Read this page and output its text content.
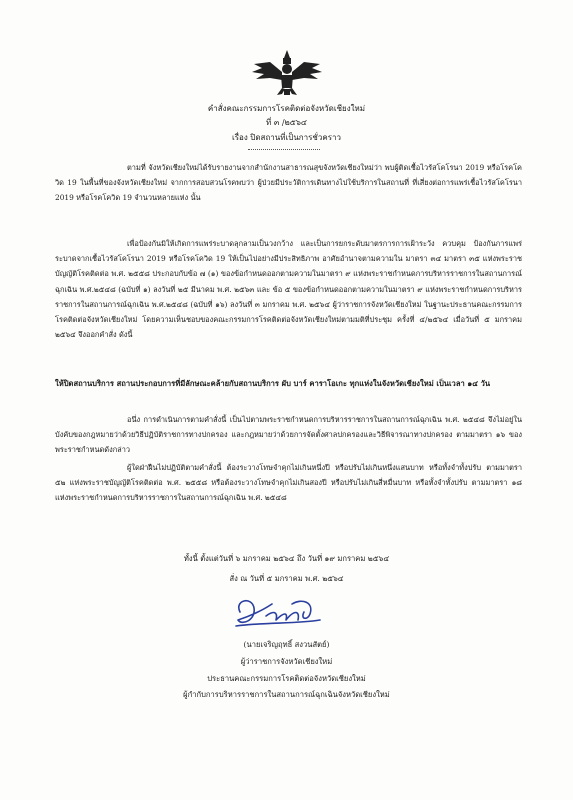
คำสั่งคณะกรรมการโรคติดต่อจังหวัดเชียงใหม่
ที่ ๓ /๒๕๖๔
เรื่อง ปิดสถานที่เป็นการชั่วคราว

ตามที่ จังหวัดเชียงใหม่ได้รับรายงานจากสำนักงานสาธารณสุขจังหวัดเชียงใหม่ว่า พบผู้ติดเชื้อไวรัสโคโรนา 2019 หรือโรคโควิด 19 ในพื้นที่ของจังหวัดเชียงใหม่ จากการสอบสวนโรคพบว่า ผู้ป่วยมีประวัติการเดินทางไปใช้บริการในสถานที่ ที่เสี่ยงต่อการแพร่เชื้อไวรัสโคโรนา 2019 หรือโรคโควิด 19 จำนวนหลายแห่ง นั้น

เพื่อป้องกันมิให้เกิดการแพร่ระบาดลุกลามเป็นวงกว้าง และเป็นการยกระดับมาตรการการเฝ้าระวัง ควบคุม ป้องกันการแพร่ระบาดจากเชื้อไวรัสโคโรนา 2019 หรือโรคโควิด 19 ให้เป็นไปอย่างมีประสิทธิภาพ อาศัยอำนาจตามความใน มาตรา ๓๔ มาตรา ๓๕ แห่งพระราชบัญญัติโรคติดต่อ พ.ศ. ๒๕๕๘ ประกอบกับข้อ ๗ (๑) ของข้อกำหนดออกตามความในมาตรา ๙ แห่งพระราชกำหนดการบริหารราชการในสถานการณ์ฉุกเฉิน พ.ศ.๒๕๔๘ (ฉบับที่ ๑) ลงวันที่ ๒๕ มีนาคม พ.ศ. ๒๕๖๓ และ ข้อ ๕ ของข้อกำหนดออกตามความในมาตรา ๙ แห่งพระราชกำหนดการบริหารราชการในสถานการณ์ฉุกเฉิน พ.ศ.๒๕๔๘ (ฉบับที่ ๑๖) ลงวันที่ ๓ มกราคม พ.ศ. ๒๕๖๔ ผู้ว่าราชการจังหวัดเชียงใหม่ ในฐานะประธานคณะกรรมการโรคติดต่อจังหวัดเชียงใหม่ โดยความเห็นชอบของคณะกรรมการโรคติดต่อจังหวัดเชียงใหม่ตามมติที่ประชุม ครั้งที่ ๔/๒๕๖๔ เมื่อวันที่ ๕ มกราคม ๒๕๖๔ จึงออกคำสั่ง ดังนี้

ให้ปิดสถานบริการ สถานประกอบการที่มีลักษณะคล้ายกับสถานบริการ ผับ บาร์ คาราโอเกะ ทุกแห่งในจังหวัดเชียงใหม่ เป็นเวลา ๑๔ วัน

อนึ่ง การดำเนินการตามคำสั่งนี้ เป็นไปตามพระราชกำหนดการบริหารราชการในสถานการณ์ฉุกเฉิน พ.ศ. ๒๕๔๘ จึงไม่อยู่ในบังคับของกฎหมายว่าด้วยวิธีปฏิบัติราชการทางปกครอง และกฎหมายว่าด้วยการจัดตั้งศาลปกครองและวิธีพิจารณาทางปกครอง ตามมาตรา ๑๖ ของพระราชกำหนดดังกล่าว

ผู้ใดฝ่าฝืนไม่ปฏิบัติตามคำสั่งนี้ ต้องระวางโทษจำคุกไม่เกินหนึ่งปี หรือปรับไม่เกินหนึ่งแสนบาท หรือทั้งจำทั้งปรับ ตามมาตรา ๕๒ แห่งพระราชบัญญัติโรคติดต่อ พ.ศ. ๒๕๕๘ หรือต้องระวางโทษจำคุกไม่เกินสองปี หรือปรับไม่เกินสี่หมื่นบาท หรือทั้งจำทั้งปรับ ตามมาตรา ๑๘ แห่งพระราชกำหนดการบริหารราชการในสถานการณ์ฉุกเฉิน พ.ศ. ๒๕๔๘

ทั้งนี้ ตั้งแต่วันที่ ๖ มกราคม ๒๕๖๔ ถึง วันที่ ๑๙ มกราคม ๒๕๖๔
สั่ง ณ วันที่ ๕ มกราคม พ.ศ. ๒๕๖๔
(นายเจริญฤทธิ์ สงวนสัตย์)
ผู้ว่าราชการจังหวัดเชียงใหม่
ประธานคณะกรรมการโรคติดต่อจังหวัดเชียงใหม่
ผู้กำกับการบริหารราชการในสถานการณ์ฉุกเฉินจังหวัดเชียงใหม่
